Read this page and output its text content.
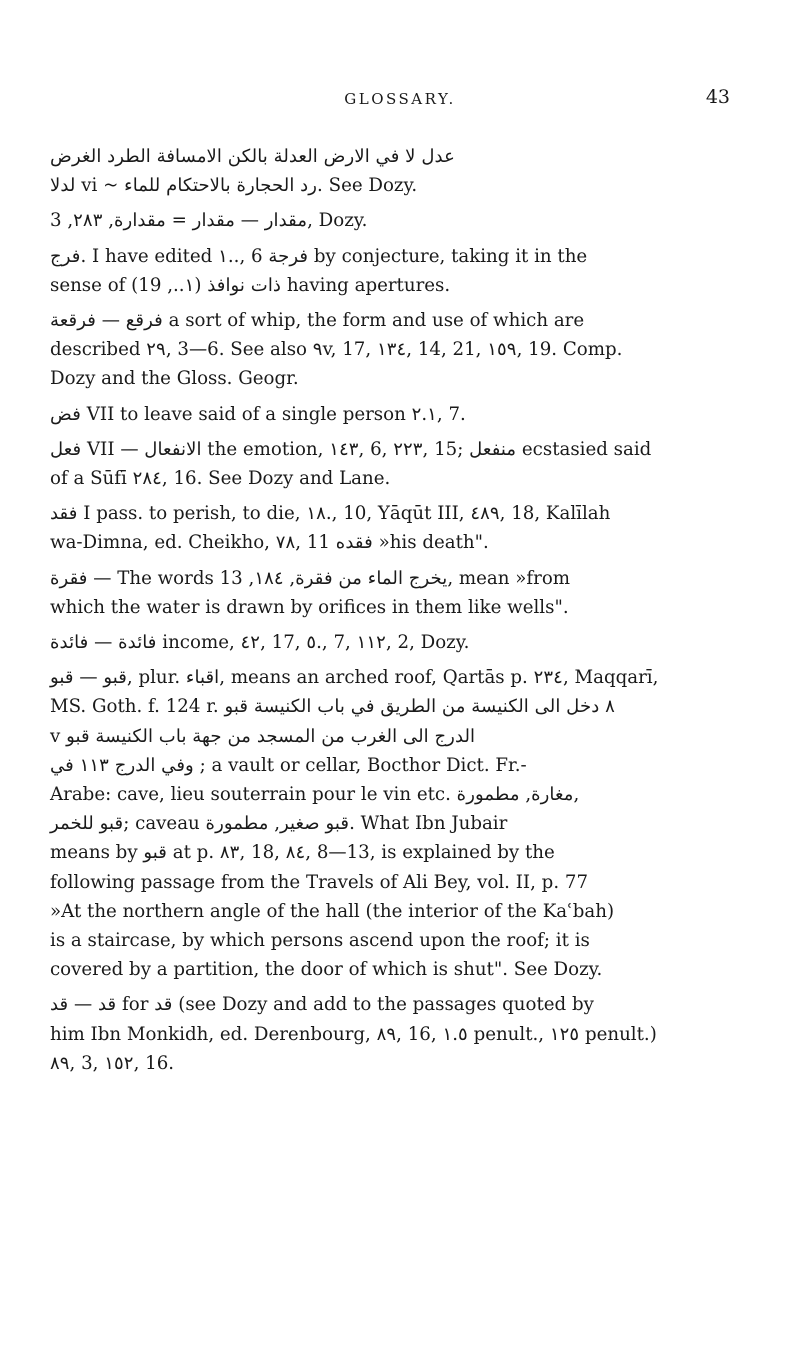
GLOSSARY.	43
عدل لا في الارض العدلة بالكن الامسافة الطرد الغرض
لدلا vi ~ رد الحجارة بالاحتكام للماء. See Dozy.
مقدار — مقدار = مقدارة, ٢٨٣, 3, Dozy.
فرج. I have edited ١.., 6 فرجة by conjecture, taking it in the
sense of ذات نوافذ (١.., 19) having apertures.
فرقع — فرقعة a sort of whip, the form and use of which are
described ٢٩, 3—6. See also ٩v, 17, ١٣٤, 14, 21, ١٥٩, 19. Comp.
Dozy and the Gloss. Geogr.
فض VII to leave said of a single person ٢.١, 7.
فعل VII — الانفعال the emotion, ١٤٣, 6, ٢٢٣, 15; منفعل ecstasied said
of a Sūfī ٢٨٤, 16. See Dozy and Lane.
فقد I pass. to perish, to die, ١٨., 10, Yāqūt III, ٤٨٩, 18, Kalīlah
wa-Dimna, ed. Cheikho, ٧٨, 11 فقده »his death".
فقرة — The words يخرج الماء من فقرة, ١٨٤, 13, mean »from
which the water is drawn by orifices in them like wells".
فائدة — فائدة income, ٤٢, 17, ٥., 7, ١١٢, 2, Dozy.
قبو — قبو, plur. اقباء, means an arched roof, Qartās p. ٢٣٤, Maqqarī,
MS. Goth. f. 124 r. ٨ دخل الى الكنيسة من الطريق في باب الكنيسة قبو
v الدرج الى الغرب من المسجد من جهة باب الكنيسة قبو
وفي الدرج ١١٣ في ; a vault or cellar, Bocthor Dict. Fr.-
Arabe: cave, lieu souterrain pour le vin etc. مغارة, مطمورة,
قبو للخمر; caveau قبو صغير, مطمورة. What Ibn Jubair
means by قبو at p. ٨٣, 18, ٨٤, 8—13, is explained by the
following passage from the Travels of Ali Bey, vol. II, p. 77
»At the northern angle of the hall (the interior of the Kaʿbah)
is a staircase, by which persons ascend upon the roof; it is
covered by a partition, the door of which is shut". See Dozy.
قد — قد for قد (see Dozy and add to the passages quoted by
him Ibn Monkidh, ed. Derenbourg, ٨٩, 16, ١.٥ penult., ١٢٥ penult.)
٨٩, 3, ١٥٢, 16.
